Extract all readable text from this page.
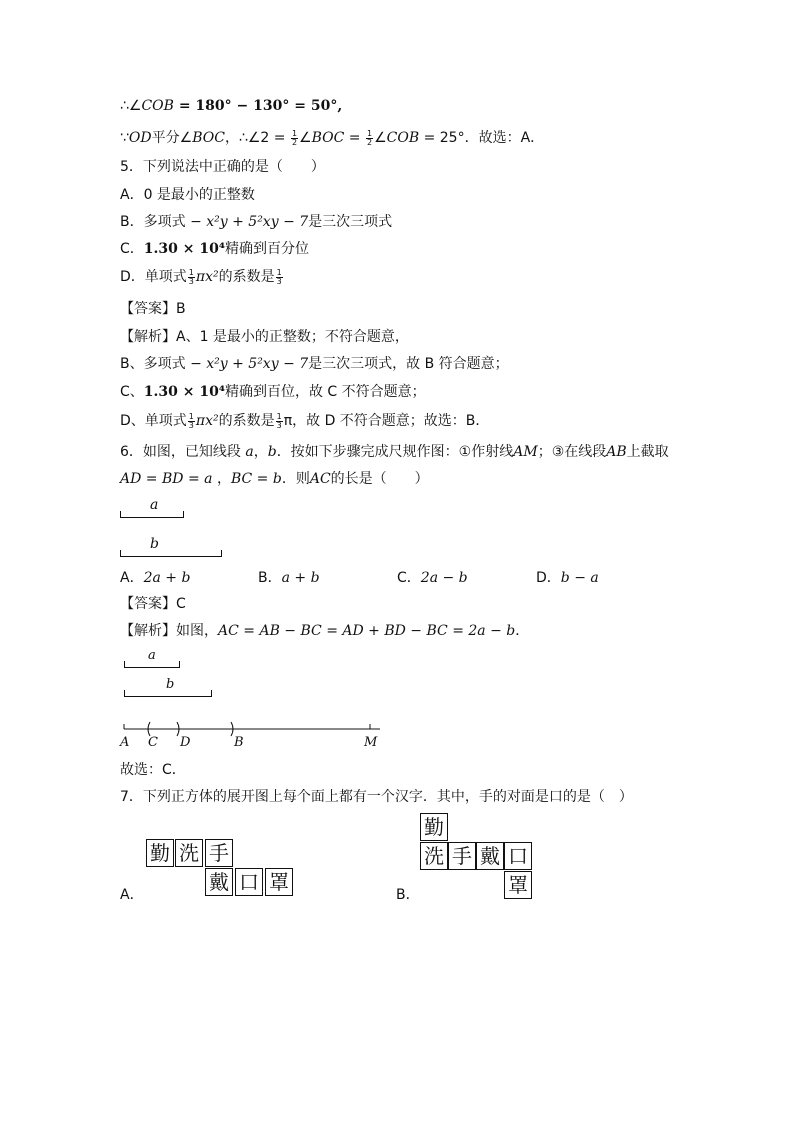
∴∠COB = 180° − 130° = 50°,
∵OD平分∠BOC，∴∠2 = $\frac{1}{2}$ ∠BOC = $\frac{1}{2}$ ∠COB = 25°．故选：A．
5．下列说法中正确的是（　　）
A．0 是最小的正整数
B．多项式 − x²y + 5²xy − 7是三次三项式
C．1.30 × 10⁴精确到百分位
D．单项式 $\frac{1}{3} \pi x^2$的系数是 $\frac{1}{3}$
【答案】B
【解析】A、1 是最小的正整数；不符合题意，
B、多项式 − x²y + 5²xy − 7是三次三项式，故 B 符合题意；
C、1.30 × 10⁴精确到百位，故 C 不符合题意；
D、单项式 $\frac{1}{3} \pi x^2$的系数是 $\frac{1}{3}$ π，故 D 不符合题意；故选：B．
6．如图，已知线段 a，b．按如下步骤完成尺规作图：①作射线AM；③在线段AB上截取
AD = BD = a ，BC = b．则AC的长是（　　）
a
b
A．2a + b	B．a + b	C．2a − b	D．b − a
【答案】C
【解析】如图，AC = AB − BC = AD + BD − BC = 2a − b．
a
b
A C D	B	M
故选：C．
7．下列正方体的展开图上每个面上都有一个汉字．其中，手的对面是口的是（　）
勤 洗 手
戴 口 罩
A．
勤
洗 手 戴 口
罩
B．
